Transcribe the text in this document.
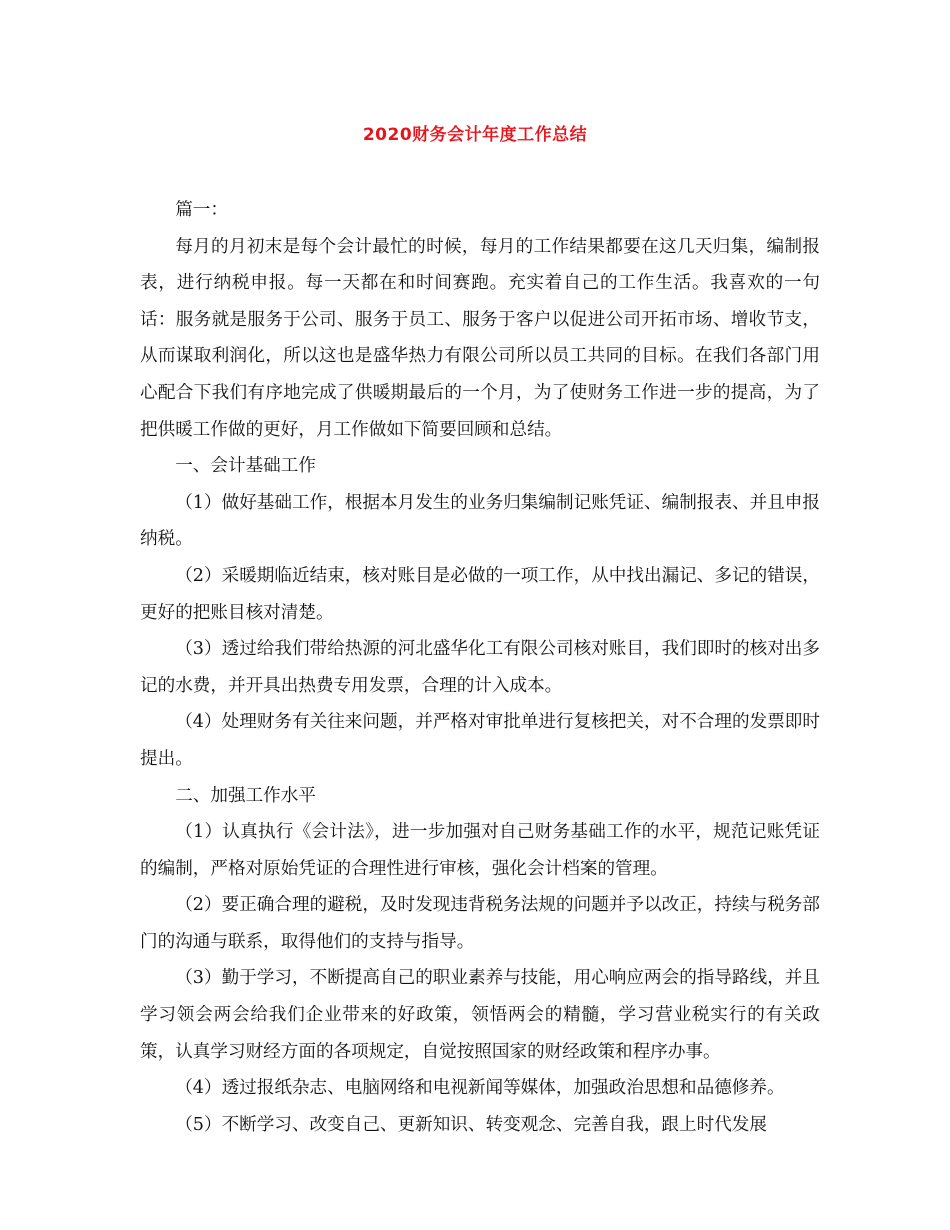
2020财务会计年度工作总结

篇一：

每月的月初末是每个会计最忙的时候，每月的工作结果都要在这几天归集，编制报表，进行纳税申报。每一天都在和时间赛跑。充实着自己的工作生活。我喜欢的一句话：服务就是服务于公司、服务于员工、服务于客户以促进公司开拓市场、增收节支，从而谋取利润化，所以这也是盛华热力有限公司所以员工共同的目标。在我们各部门用心配合下我们有序地完成了供暖期最后的一个月，为了使财务工作进一步的提高，为了把供暖工作做的更好，月工作做如下简要回顾和总结。

一、会计基础工作

（1）做好基础工作，根据本月发生的业务归集编制记账凭证、编制报表、并且申报纳税。

（2）采暖期临近结束，核对账目是必做的一项工作，从中找出漏记、多记的错误，更好的把账目核对清楚。

（3）透过给我们带给热源的河北盛华化工有限公司核对账目，我们即时的核对出多记的水费，并开具出热费专用发票，合理的计入成本。

（4）处理财务有关往来问题，并严格对审批单进行复核把关，对不合理的发票即时提出。

二、加强工作水平

（1）认真执行《会计法》，进一步加强对自己财务基础工作的水平，规范记账凭证的编制，严格对原始凭证的合理性进行审核，强化会计档案的管理。

（2）要正确合理的避税，及时发现违背税务法规的问题并予以改正，持续与税务部门的沟通与联系，取得他们的支持与指导。

（3）勤于学习，不断提高自己的职业素养与技能，用心响应两会的指导路线，并且学习领会两会给我们企业带来的好政策，领悟两会的精髓，学习营业税实行的有关政策，认真学习财经方面的各项规定，自觉按照国家的财经政策和程序办事。

（4）透过报纸杂志、电脑网络和电视新闻等媒体，加强政治思想和品德修养。

（5）不断学习、改变自己、更新知识、转变观念、完善自我，跟上时代发展
